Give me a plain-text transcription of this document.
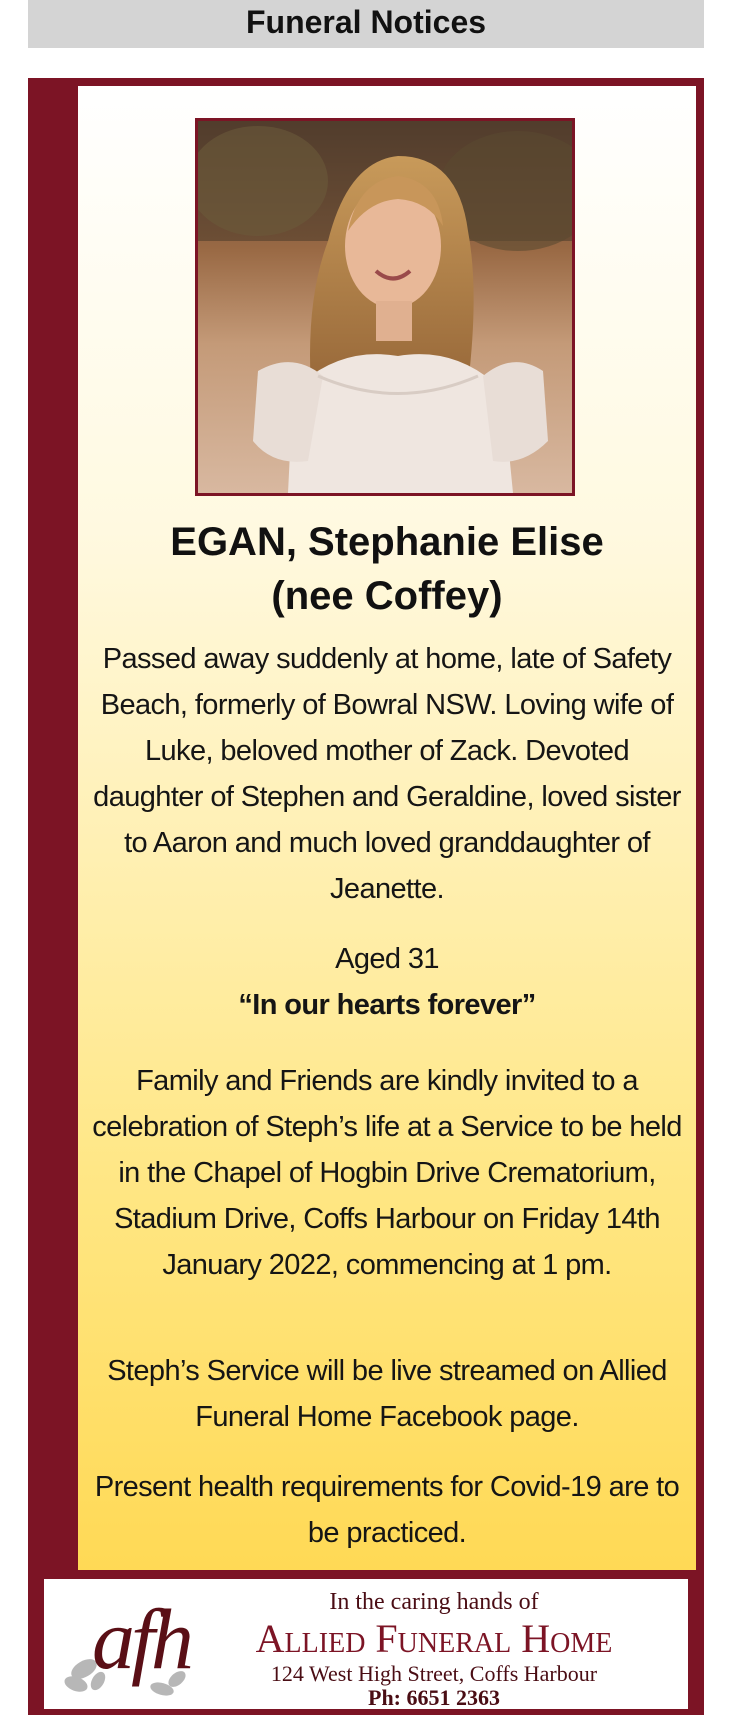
Funeral Notices
EGAN, Stephanie Elise
(nee Coffey)
Passed away suddenly at home, late of Safety Beach, formerly of Bowral NSW. Loving wife of Luke, beloved mother of Zack. Devoted daughter of Stephen and Geraldine, loved sister to Aaron and much loved granddaughter of Jeanette.
Aged 31
“In our hearts forever”
Family and Friends are kindly invited to a celebration of Steph’s life at a Service to be held in the Chapel of Hogbin Drive Crematorium, Stadium Drive, Coffs Harbour on Friday 14th January 2022, commencing at 1 pm.
Steph’s Service will be live streamed on Allied Funeral Home Facebook page.
Present health requirements for Covid-19 are to be practiced.
afh	In the caring hands of
Allied Funeral Home
124 West High Street, Coffs Harbour
Ph: 6651 2363
